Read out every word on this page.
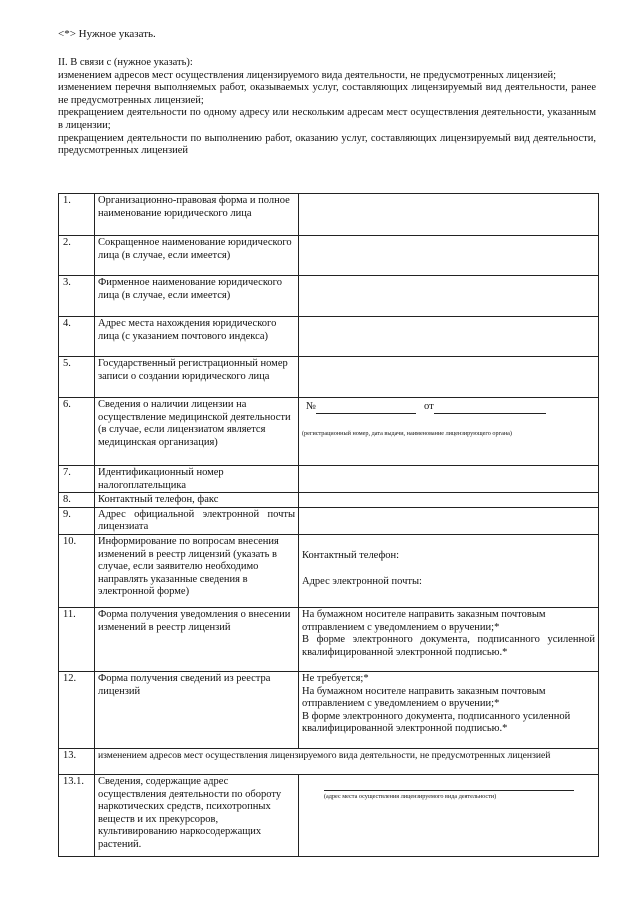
<*> Нужное указать.
II. В связи с (нужное указать):
изменением адресов мест осуществления лицензируемого вида деятельности, не предусмотренных лицензией;
изменением перечня выполняемых работ, оказываемых услуг, составляющих лицензируемый вид деятельности, ранее не предусмотренных лицензией;
прекращением деятельности по одному адресу или нескольким адресам мест осуществления деятельности, указанным в лицензии;
прекращением деятельности по выполнению работ, оказанию услуг, составляющих лицензируемый вид деятельности, предусмотренных лицензией
1.	Организационно-правовая форма и полное наименование юридического лица	
2.	Сокращенное наименование юридического лица (в случае, если имеется)	
3.	Фирменное наименование юридического лица (в случае, если имеется)	
4.	Адрес места нахождения юридического лица (с указанием почтового индекса)	
5.	Государственный регистрационный номер записи о создании юридического лица	
6.	Сведения о наличии лицензии на осуществление медицинской деятельности (в случае, если лицензиатом является медицинская организация)	№ от
(регистрационный номер, дата выдачи, наименование лицензирующего органа)

7.	Идентификационный номер налогоплательщика	
8.	Контактный телефон, факс	
9.	Адрес официальной электронной почты лицензиата	
10.	Информирование по вопросам внесения изменений в реестр лицензий (указать в случае, если заявителю необходимо направлять указанные сведения в электронной форме)	Контактный телефон:
Адрес электронной почты:

11.	Форма получения уведомления о внесении изменений в реестр лицензий	На бумажном носителе направить заказным почтовым отправлением с уведомлением о вручении;*
В форме электронного документа, подписанного усиленной квалифицированной электронной подписью.*

12.	Форма получения сведений из реестра лицензий	Не требуется;*
На бумажном носителе направить заказным почтовым отправлением с уведомлением о вручении;*
В форме электронного документа, подписанного усиленной квалифицированной электронной подписью.*

13.	изменением адресов мест осуществления лицензируемого вида деятельности, не предусмотренных лицензией	
13.1.	Сведения, содержащие адрес осуществления деятельности по обороту наркотических средств, психотропных веществ и их прекурсоров, культивированию наркосодержащих растений.	(адрес места осуществления лицензируемого вида деятельности)
